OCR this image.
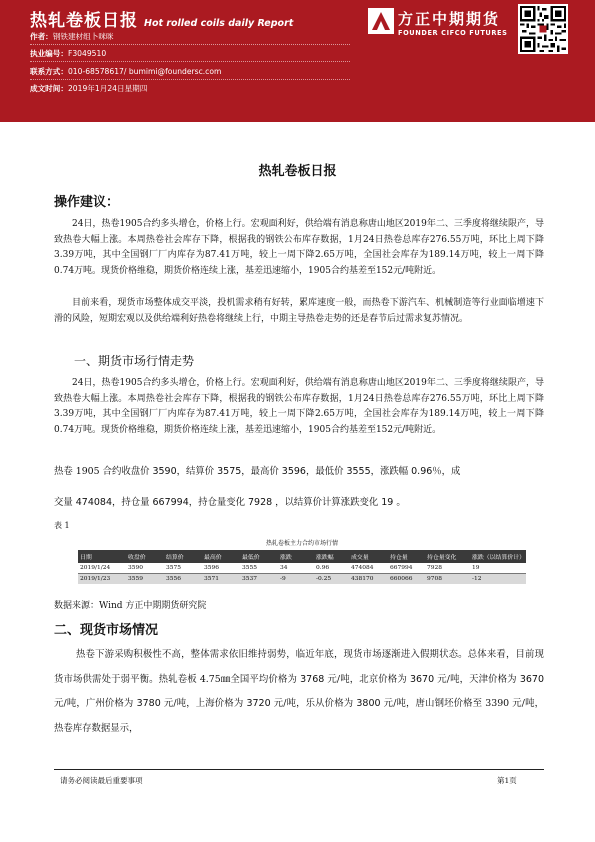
热轧卷板日报 Hot rolled coils daily Report
作者：钢铁建材组卜咪咪
执业编号：F3049510
联系方式：010-68578617/ bumimi@foundersc.com
成文时间：2019年1月24日星期四
方正中期期货
FOUNDER CIFCO FUTURES
热轧卷板日报
操作建议：
24日，热卷1905合约多头增仓，价格上行。宏观面利好，供给端有消息称唐山地区2019年二、三季度将继续限产，导致热卷大幅上涨。本周热卷社会库存下降，根据我的钢铁公布库存数据，1月24日热卷总库存276.55万吨，环比上周下降3.39万吨，其中全国钢厂厂内库存为87.41万吨，较上一周下降2.65万吨，全国社会库存为189.14万吨，较上一周下降0.74万吨。现货价格维稳，期货价格连续上涨，基差迅速缩小，1905合约基差至152元/吨附近。
目前来看，现货市场整体成交平淡，投机需求稍有好转，累库速度一般，而热卷下游汽车、机械制造等行业面临增速下滑的风险，短期宏观以及供给端利好热卷将继续上行，中期主导热卷走势的还是春节后过需求复苏情况。
一、期货市场行情走势
24日，热卷1905合约多头增仓，价格上行。宏观面利好，供给端有消息称唐山地区2019年二、三季度将继续限产，导致热卷大幅上涨。本周热卷社会库存下降，根据我的钢铁公布库存数据，1月24日热卷总库存276.55万吨，环比上周下降3.39万吨，其中全国钢厂厂内库存为87.41万吨，较上一周下降2.65万吨，全国社会库存为189.14万吨，较上一周下降0.74万吨。现货价格维稳，期货价格连续上涨，基差迅速缩小，1905合约基差至152元/吨附近。
热卷 1905 合约收盘价 3590，结算价 3575，最高价 3596，最低价 3555，涨跌幅 0.96％，成
交量 474084，持仓量 667994，持仓量变化 7928 ，以结算价计算涨跌变化 19 。
表 1
热轧卷板主力合约市场行情
日期	收盘价	结算价	最高价	最低价	涨跌	涨跌幅	成交量	持仓量	持仓量变化	涨跌（以结算价计）
2019/1/24	3590	3575	3596	3555	34	0.96	474084	667994	7928	19
2019/1/23	3559	3556	3571	3537	-9	-0.25	438170	660066	9708	-12
数据来源：Wind 方正中期期货研究院
二、现货市场情况
热卷下游采购积极性不高，整体需求依旧维持弱势，临近年底，现货市场逐渐进入假期状态。总体来看，目前现货市场供需处于弱平衡。热轧卷板 4.75㎜全国平均价格为 3768 元/吨，北京价格为 3670 元/吨，天津价格为 3670 元/吨，广州价格为 3780 元/吨，上海价格为 3720 元/吨，乐从价格为 3800 元/吨，唐山钢坯价格至 3390 元/吨，热卷库存数据显示，
请务必阅读最后重要事项	第1页
